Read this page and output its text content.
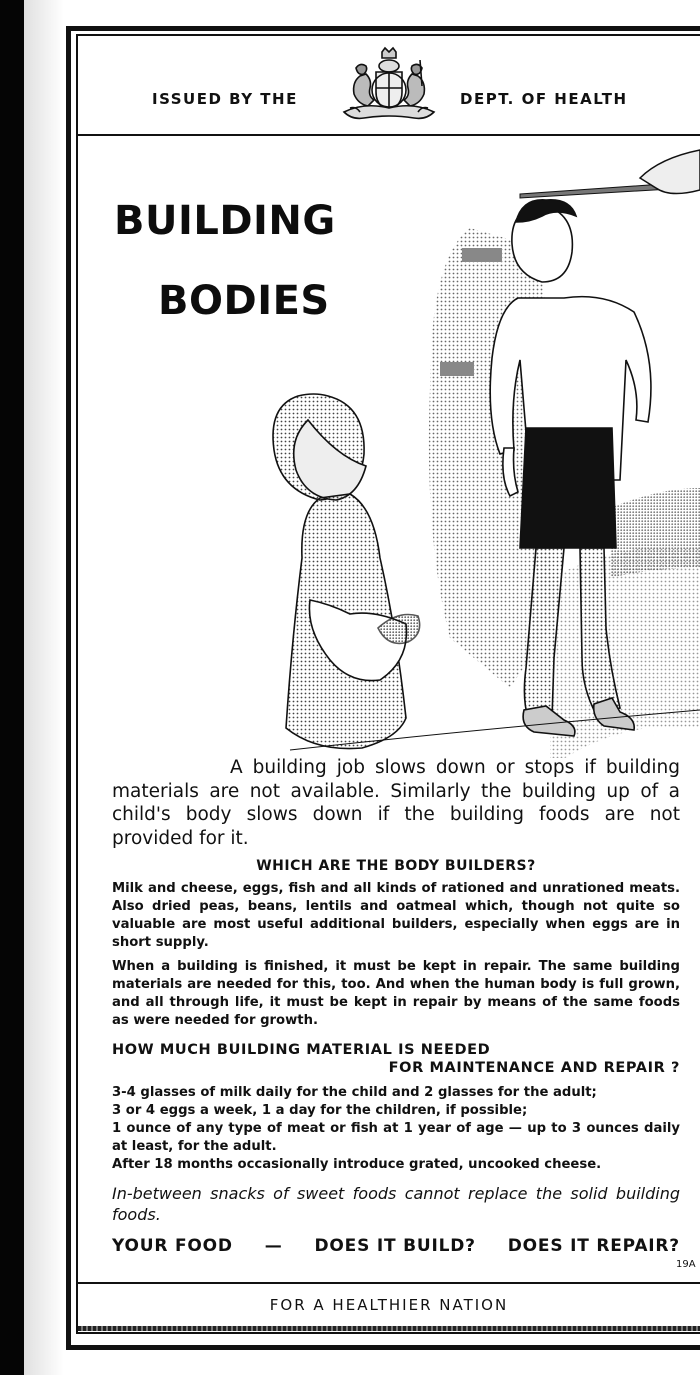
ISSUED BY THE	DEPT. OF HEALTH
BUILDING
BODIES
A building job slows down or stops if building materials are not available. Similarly the building up of a child's body slows down if the building foods are not provided for it.
WHICH ARE THE BODY BUILDERS?
Milk and cheese, eggs, fish and all kinds of rationed and unrationed meats. Also dried peas, beans, lentils and oatmeal which, though not quite so valuable are most useful additional builders, especially when eggs are in short supply.
When a building is finished, it must be kept in repair. The same building materials are needed for this, too. And when the human body is full grown, and all through life, it must be kept in repair by means of the same foods as were needed for growth.
HOW MUCH BUILDING MATERIAL IS NEEDED
FOR MAINTENANCE AND REPAIR ?
3-4 glasses of milk daily for the child and 2 glasses for the adult;
3 or 4 eggs a week, 1 a day for the children, if possible;
1 ounce of any type of meat or fish at 1 year of age — up to 3 ounces daily at least, for the adult.
After 18 months occasionally introduce grated, uncooked cheese.
In-between snacks of sweet foods cannot replace the solid building foods.
YOUR FOOD — DOES IT BUILD? DOES IT REPAIR?
19A
FOR A HEALTHIER NATION
